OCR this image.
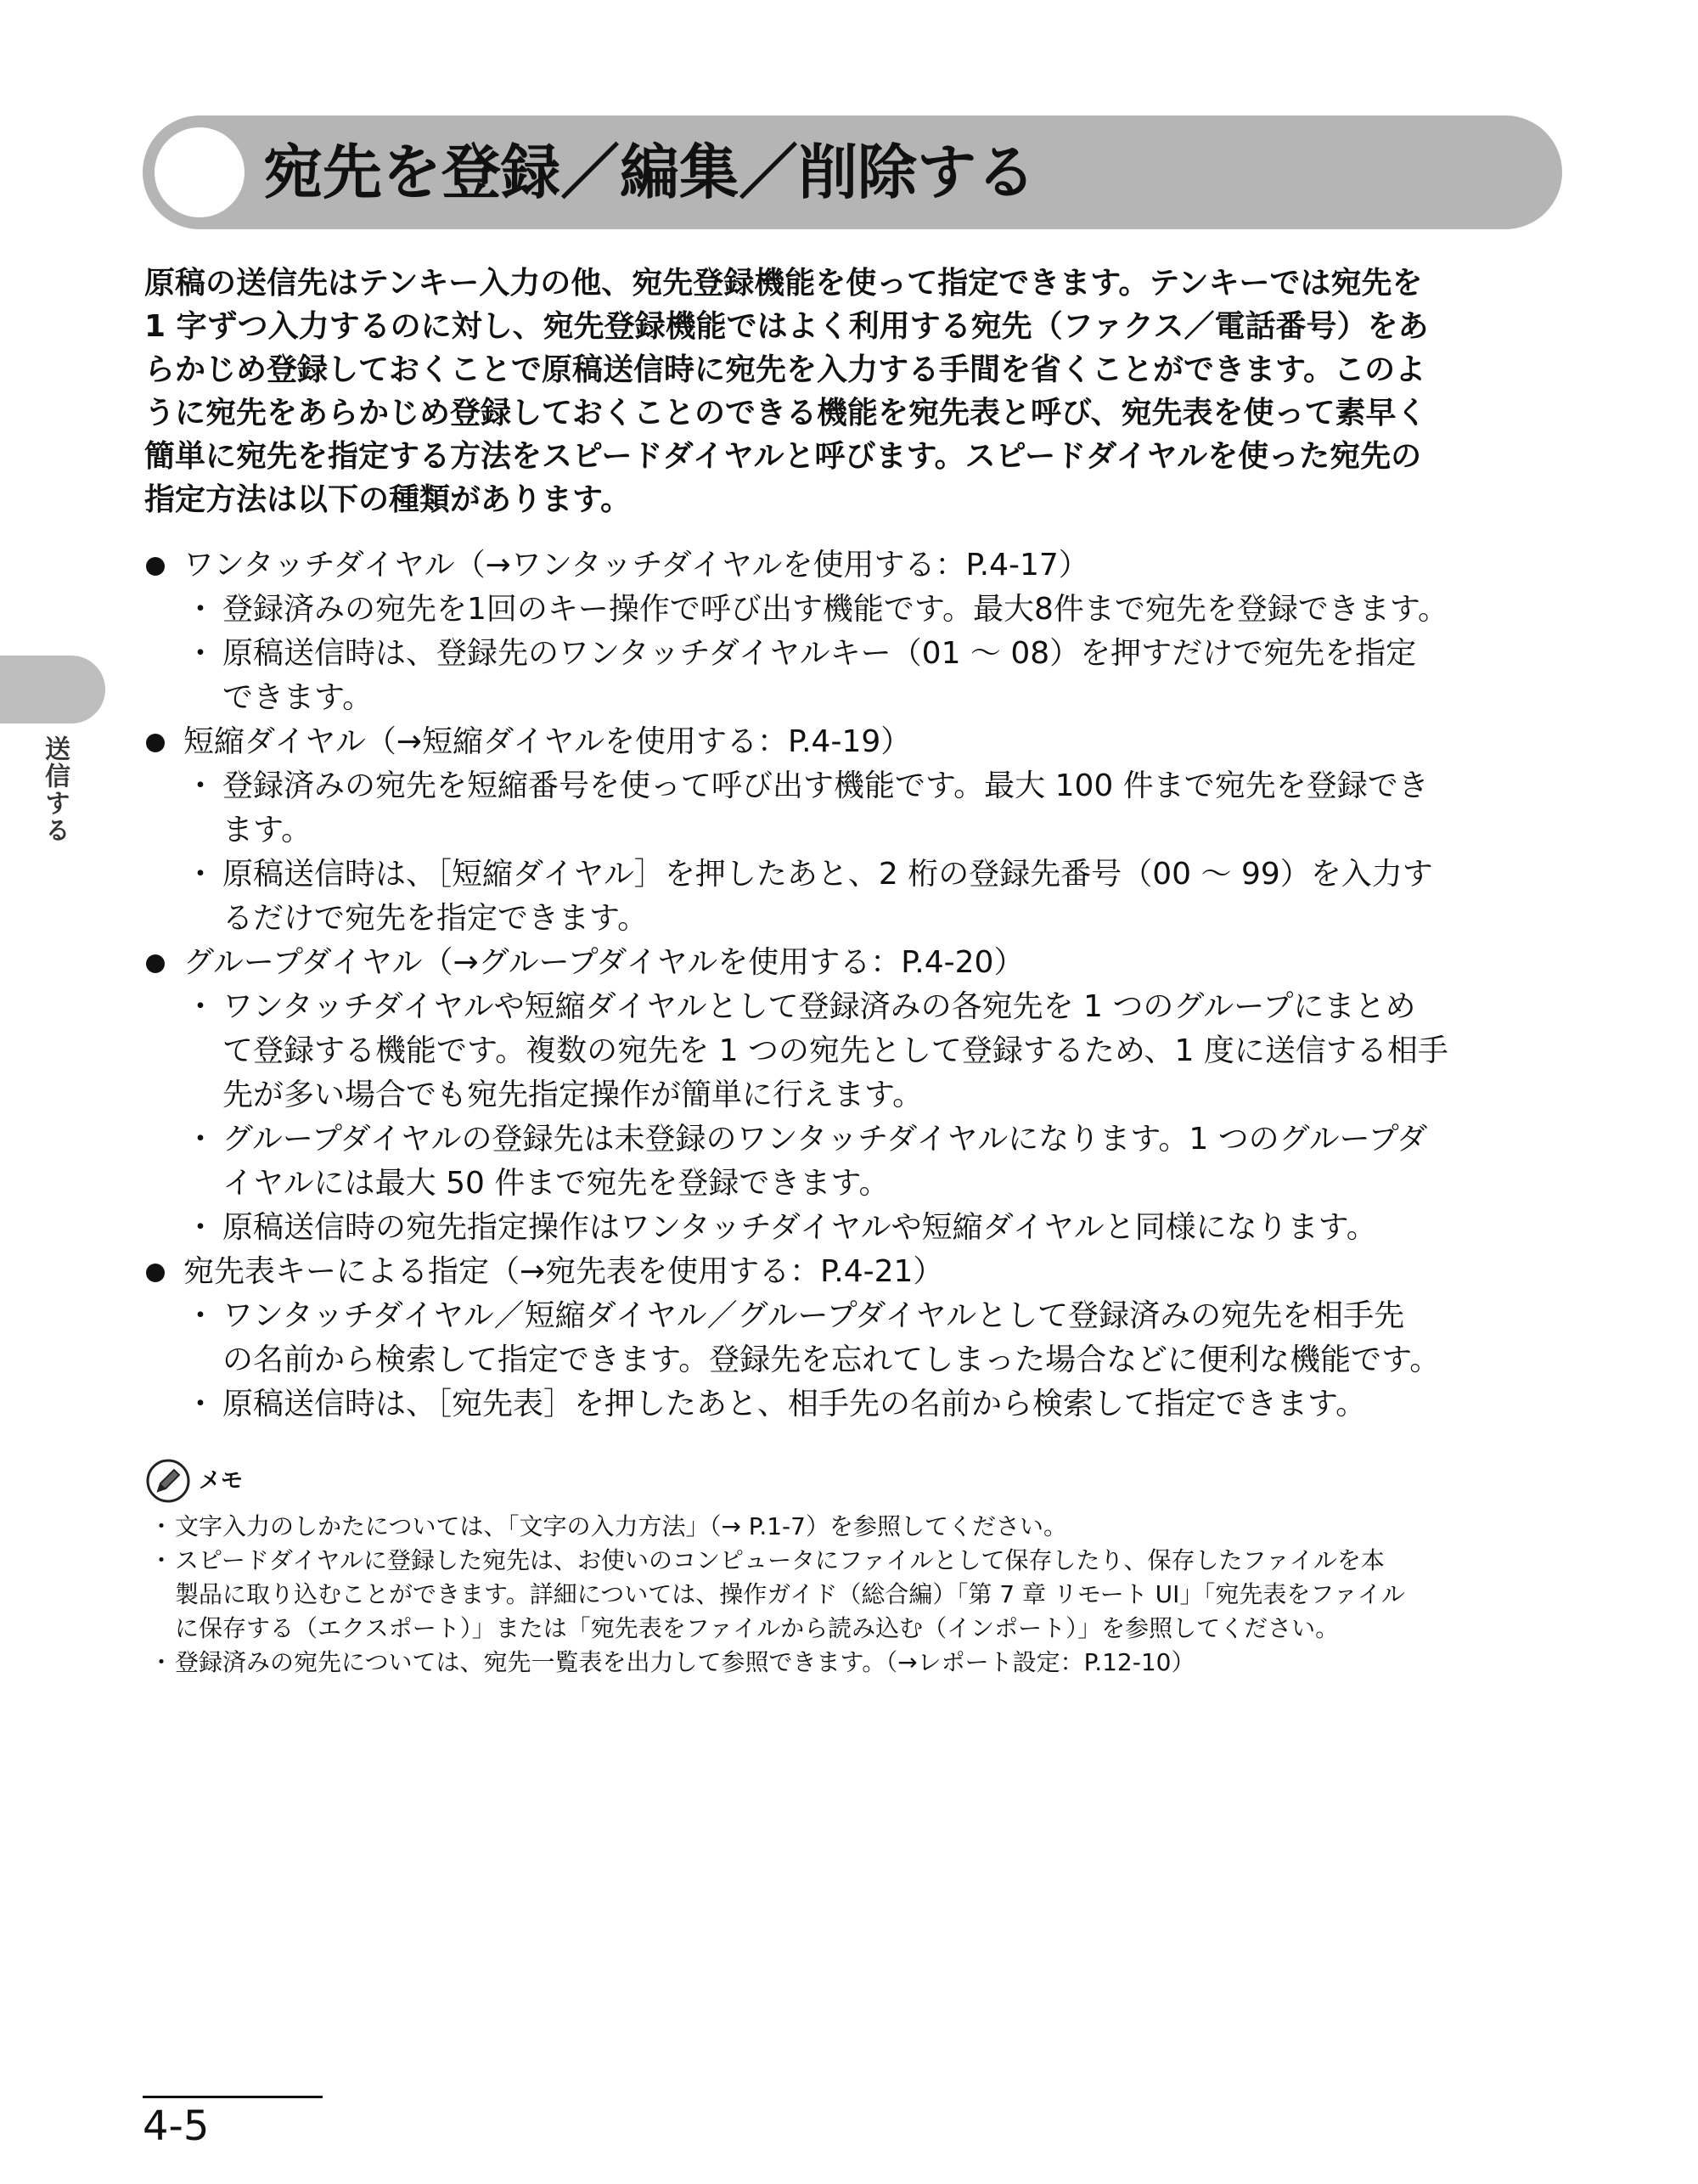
宛先を登録／編集／削除する
原稿の送信先はテンキー入力の他、宛先登録機能を使って指定できます。テンキーでは宛先を
1 字ずつ入力するのに対し、宛先登録機能ではよく利用する宛先（ファクス／電話番号）をあ
らかじめ登録しておくことで原稿送信時に宛先を入力する手間を省くことができます。このよ
うに宛先をあらかじめ登録しておくことのできる機能を宛先表と呼び、宛先表を使って素早く
簡単に宛先を指定する方法をスピードダイヤルと呼びます。スピードダイヤルを使った宛先の
指定方法は以下の種類があります。
ワンタッチダイヤル（→ワンタッチダイヤルを使用する：P.4-17）
・ 登録済みの宛先を1回のキー操作で呼び出す機能です。最大8件まで宛先を登録できます。
・ 原稿送信時は、登録先のワンタッチダイヤルキー（01 ～ 08）を押すだけで宛先を指定
できます。
短縮ダイヤル（→短縮ダイヤルを使用する：P.4-19）
・ 登録済みの宛先を短縮番号を使って呼び出す機能です。最大 100 件まで宛先を登録でき
ます。
・ 原稿送信時は、［短縮ダイヤル］を押したあと、2 桁の登録先番号（00 ～ 99）を入力す
るだけで宛先を指定できます。
グループダイヤル（→グループダイヤルを使用する：P.4-20）
・ ワンタッチダイヤルや短縮ダイヤルとして登録済みの各宛先を 1 つのグループにまとめ
て登録する機能です。複数の宛先を 1 つの宛先として登録するため、1 度に送信する相手
先が多い場合でも宛先指定操作が簡単に行えます。
・ グループダイヤルの登録先は未登録のワンタッチダイヤルになります。1 つのグループダ
イヤルには最大 50 件まで宛先を登録できます。
・ 原稿送信時の宛先指定操作はワンタッチダイヤルや短縮ダイヤルと同様になります。
宛先表キーによる指定（→宛先表を使用する：P.4-21）
・ ワンタッチダイヤル／短縮ダイヤル／グループダイヤルとして登録済みの宛先を相手先
の名前から検索して指定できます。登録先を忘れてしまった場合などに便利な機能です。
・ 原稿送信時は、［宛先表］を押したあと、相手先の名前から検索して指定できます。
メモ
・ 文字入力のしかたについては、「文字の入力方法」（→ P.1-7）を参照してください。
・ スピードダイヤルに登録した宛先は、お使いのコンピュータにファイルとして保存したり、保存したファイルを本
製品に取り込むことができます。詳細については、操作ガイド（総合編）「第 7 章 リモート UI」「宛先表をファイル
に保存する（エクスポート）」または「宛先表をファイルから読み込む（インポート）」を参照してください。
・ 登録済みの宛先については、宛先一覧表を出力して参照できます。（→レポート設定：P.12-10）
送信する
4-5
